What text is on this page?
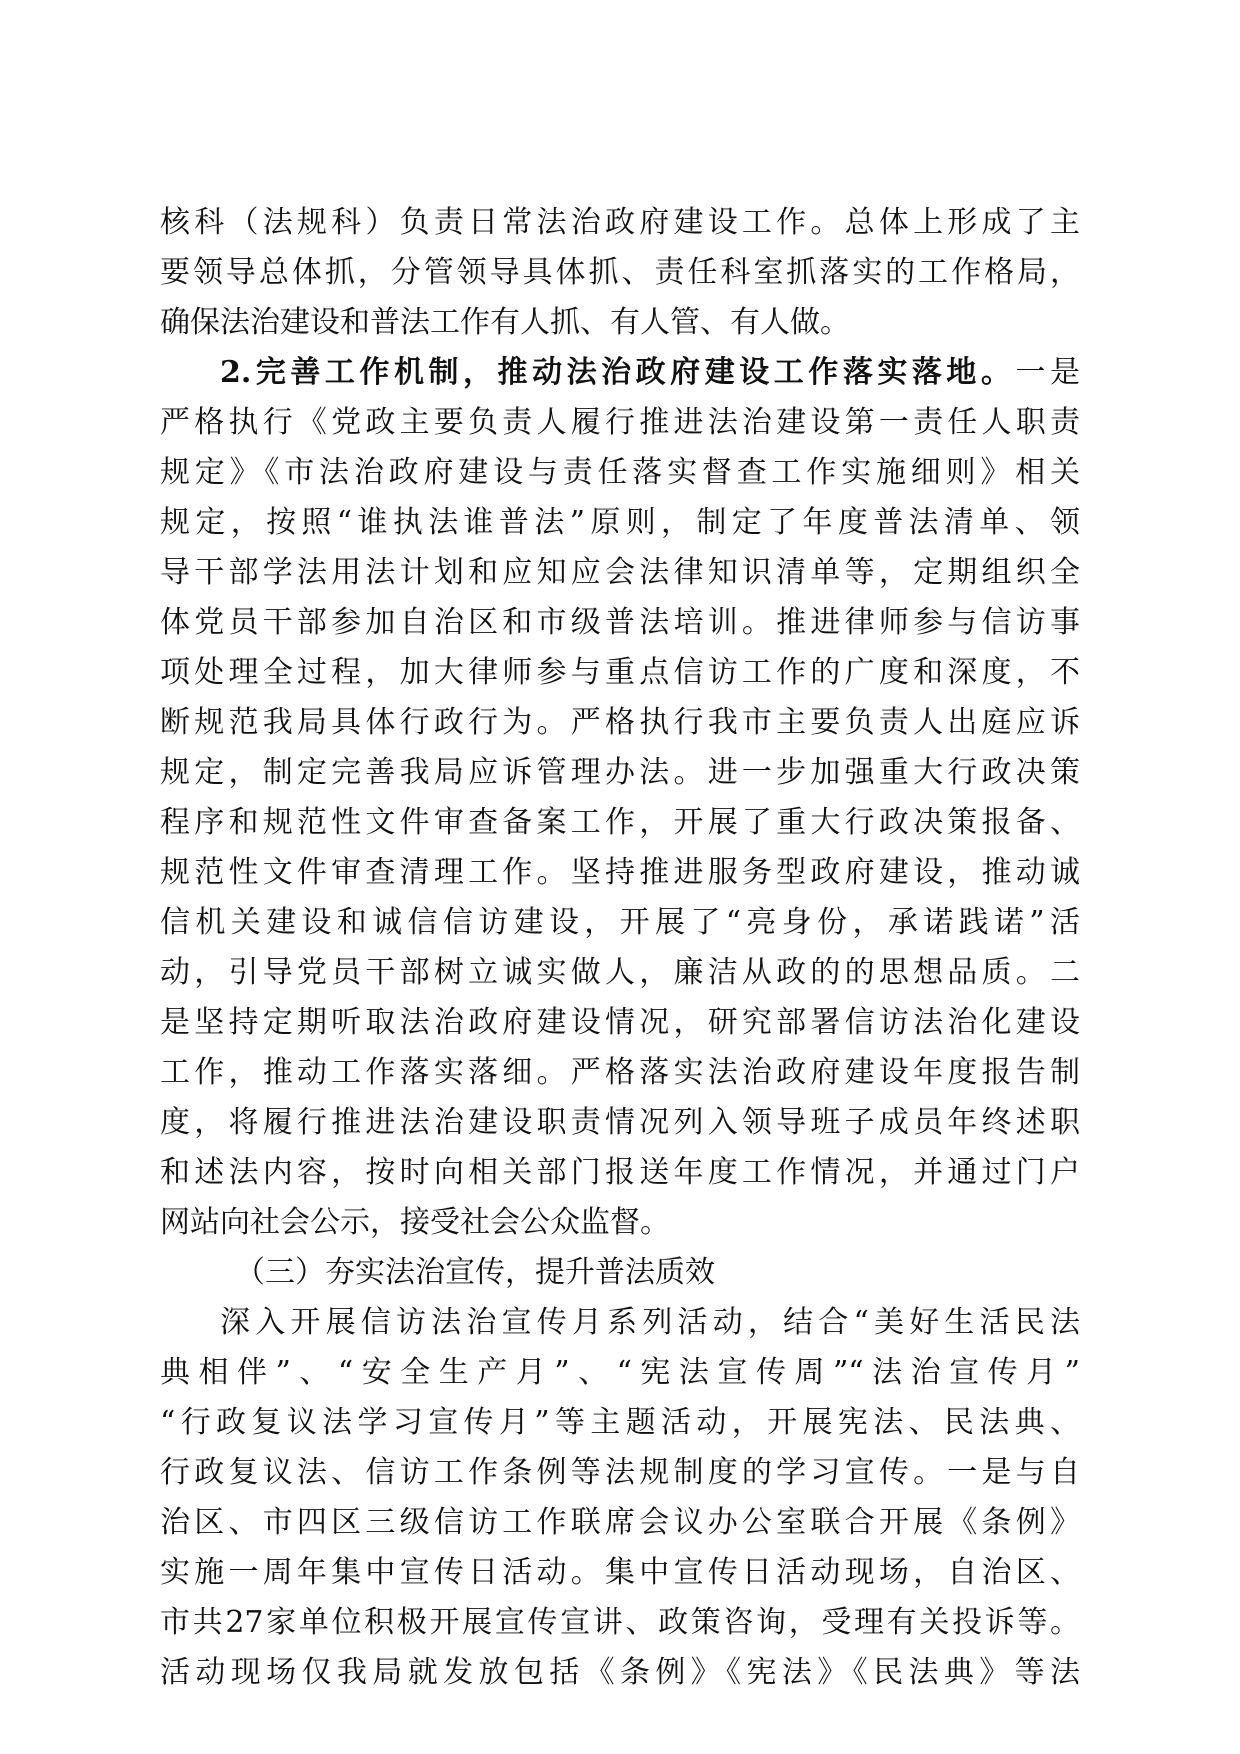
核科（法规科）负责日常法治政府建设工作。总体上形成了主
要领导总体抓，分管领导具体抓、责任科室抓落实的工作格局，
确保法治建设和普法工作有人抓、有人管、有人做。
2.完善工作机制，推动法治政府建设工作落实落地。一是
严格执行《党政主要负责人履行推进法治建设第一责任人职责
规定》《市法治政府建设与责任落实督查工作实施细则》相关
规定，按照“谁执法谁普法”原则，制定了年度普法清单、领
导干部学法用法计划和应知应会法律知识清单等，定期组织全
体党员干部参加自治区和市级普法培训。推进律师参与信访事
项处理全过程，加大律师参与重点信访工作的广度和深度，不
断规范我局具体行政行为。严格执行我市主要负责人出庭应诉
规定，制定完善我局应诉管理办法。进一步加强重大行政决策
程序和规范性文件审查备案工作，开展了重大行政决策报备、
规范性文件审查清理工作。坚持推进服务型政府建设，推动诚
信机关建设和诚信信访建设，开展了“亮身份，承诺践诺”活
动，引导党员干部树立诚实做人，廉洁从政的的思想品质。二
是坚持定期听取法治政府建设情况，研究部署信访法治化建设
工作，推动工作落实落细。严格落实法治政府建设年度报告制
度，将履行推进法治建设职责情况列入领导班子成员年终述职
和述法内容，按时向相关部门报送年度工作情况，并通过门户
网站向社会公示，接受社会公众监督。
（三）夯实法治宣传，提升普法质效
深入开展信访法治宣传月系列活动，结合“美好生活民法
典相伴”、“安全生产月”、“宪法宣传周”“法治宣传月”
“行政复议法学习宣传月”等主题活动，开展宪法、民法典、
行政复议法、信访工作条例等法规制度的学习宣传。一是与自
治区、市四区三级信访工作联席会议办公室联合开展《条例》
实施一周年集中宣传日活动。集中宣传日活动现场，自治区、
市共27家单位积极开展宣传宣讲、政策咨询，受理有关投诉等。
活动现场仅我局就发放包括《条例》《宪法》《民法典》等法
